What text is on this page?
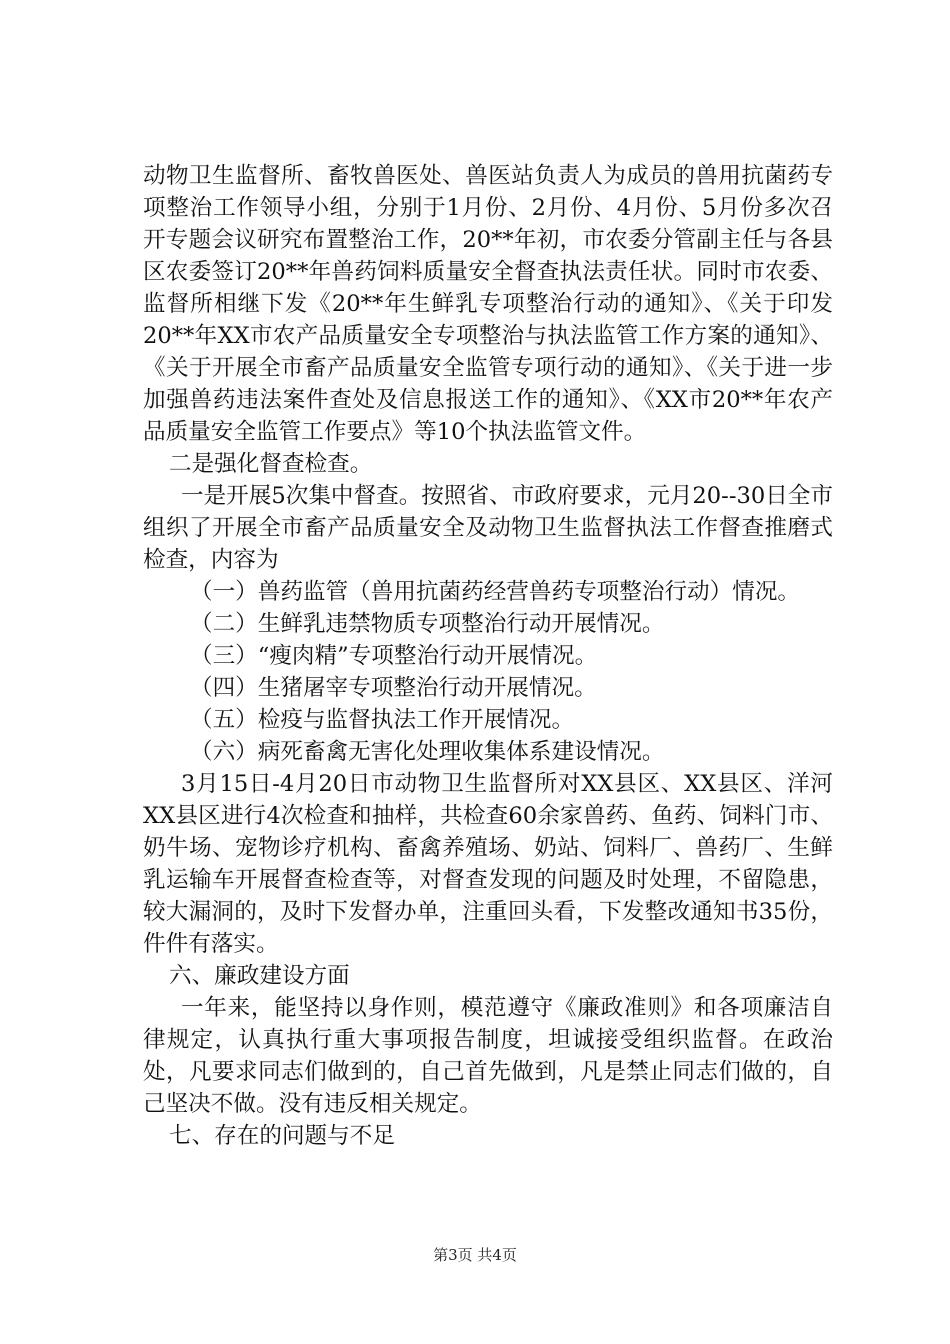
动物卫生监督所、畜牧兽医处、兽医站负责人为成员的兽用抗菌药专项整治工作领导小组，分别于1月份、2月份、4月份、5月份多次召开专题会议研究布置整治工作，20**年初，市农委分管副主任与各县区农委签订20**年兽药饲料质量安全督查执法责任状。同时市农委、监督所相继下发《20**年生鲜乳专项整治行动的通知》、《关于印发20**年XX市农产品质量安全专项整治与执法监管工作方案的通知》、《关于开展全市畜产品质量安全监管专项行动的通知》、《关于进一步加强兽药违法案件查处及信息报送工作的通知》、《XX市20**年农产品质量安全监管工作要点》等10个执法监管文件。

二是强化督查检查。

一是开展5次集中督查。按照省、市政府要求，元月20--30日全市组织了开展全市畜产品质量安全及动物卫生监督执法工作督查推磨式检查，内容为

（一）兽药监管（兽用抗菌药经营兽药专项整治行动）情况。

（二）生鲜乳违禁物质专项整治行动开展情况。

（三）“瘦肉精”专项整治行动开展情况。

（四）生猪屠宰专项整治行动开展情况。

（五）检疫与监督执法工作开展情况。

（六）病死畜禽无害化处理收集体系建设情况。

3月15日-4月20日市动物卫生监督所对XX县区、XX县区、洋河XX县区进行4次检查和抽样，共检查60余家兽药、鱼药、饲料门市、奶牛场、宠物诊疗机构、畜禽养殖场、奶站、饲料厂、兽药厂、生鲜乳运输车开展督查检查等，对督查发现的问题及时处理，不留隐患，较大漏洞的，及时下发督办单，注重回头看，下发整改通知书35份，件件有落实。

六、廉政建设方面

一年来，能坚持以身作则，模范遵守《廉政准则》和各项廉洁自律规定，认真执行重大事项报告制度，坦诚接受组织监督。在政治处，凡要求同志们做到的，自己首先做到，凡是禁止同志们做的，自己坚决不做。没有违反相关规定。

七、存在的问题与不足

第3页 共4页
